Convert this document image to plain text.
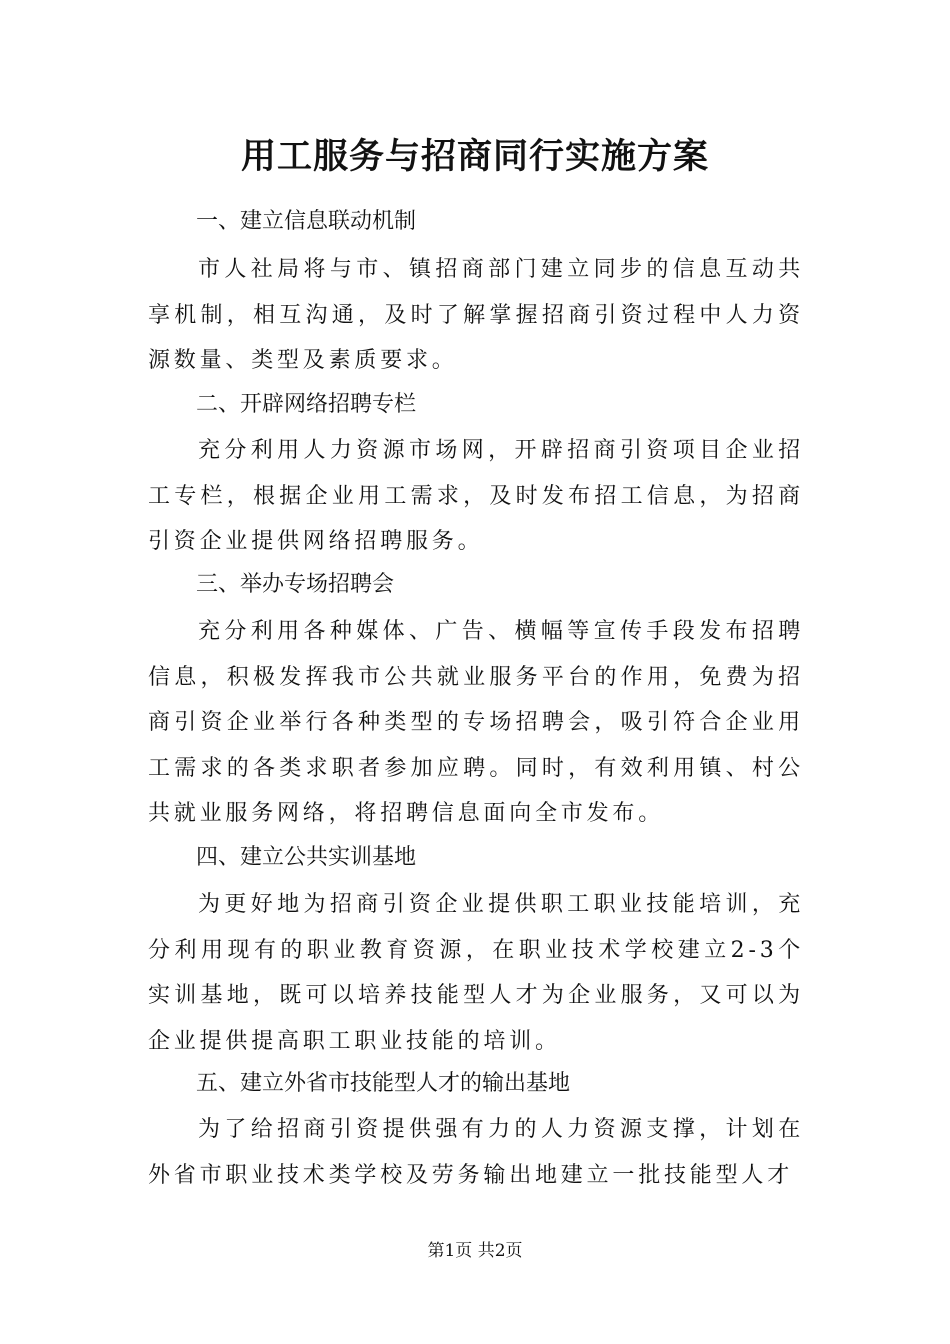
用工服务与招商同行实施方案
一、建立信息联动机制

市人社局将与市、镇招商部门建立同步的信息互动共享机制，相互沟通，及时了解掌握招商引资过程中人力资源数量、类型及素质要求。

二、开辟网络招聘专栏

充分利用人力资源市场网，开辟招商引资项目企业招工专栏，根据企业用工需求，及时发布招工信息，为招商引资企业提供网络招聘服务。

三、举办专场招聘会

充分利用各种媒体、广告、横幅等宣传手段发布招聘信息，积极发挥我市公共就业服务平台的作用，免费为招商引资企业举行各种类型的专场招聘会，吸引符合企业用工需求的各类求职者参加应聘。同时，有效利用镇、村公共就业服务网络，将招聘信息面向全市发布。

四、建立公共实训基地

为更好地为招商引资企业提供职工职业技能培训，充分利用现有的职业教育资源，在职业技术学校建立2-3个实训基地，既可以培养技能型人才为企业服务，又可以为企业提供提高职工职业技能的培训。

五、建立外省市技能型人才的输出基地

为了给招商引资提供强有力的人力资源支撑，计划在外省市职业技术类学校及劳务输出地建立一批技能型人才

第1页 共2页
